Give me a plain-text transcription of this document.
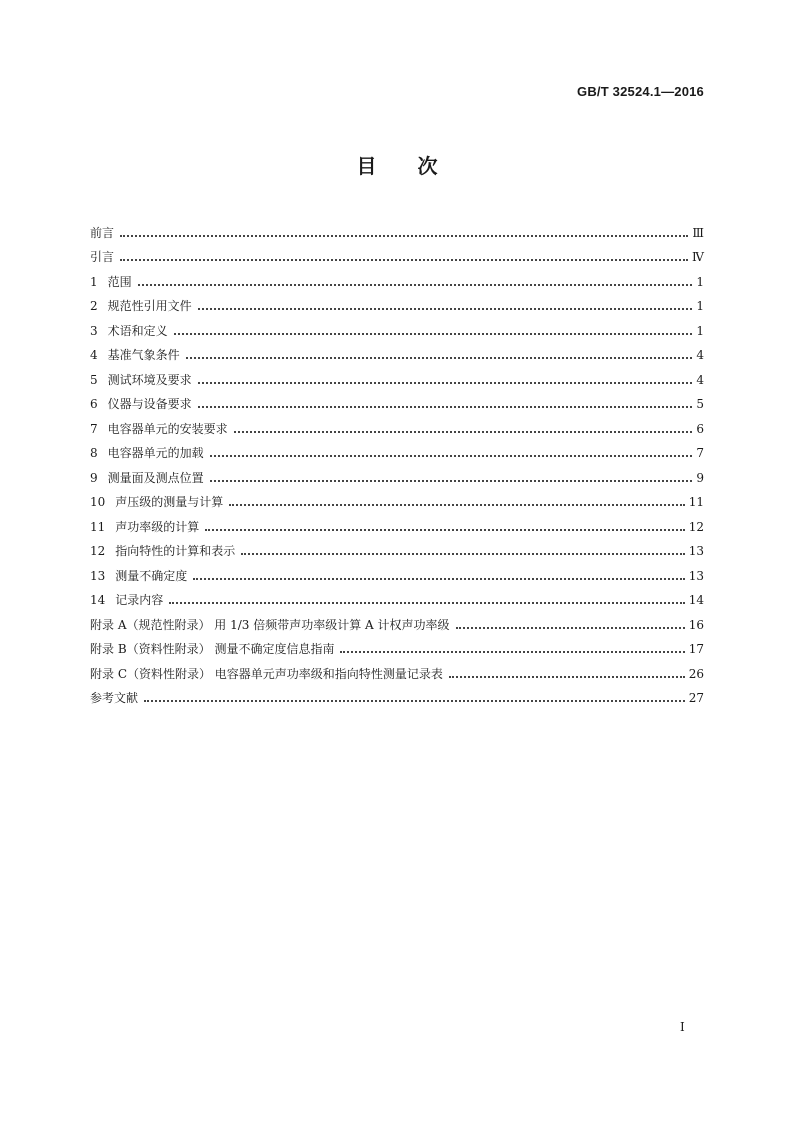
GB/T 32524.1—2016
目 次
前言	Ⅲ
引言	Ⅳ
1 范围	1
2 规范性引用文件	1
3 术语和定义	1
4 基准气象条件	4
5 测试环境及要求	4
6 仪器与设备要求	5
7 电容器单元的安装要求	6
8 电容器单元的加载	7
9 测量面及测点位置	9
10 声压级的测量与计算	11
11 声功率级的计算	12
12 指向特性的计算和表示	13
13 测量不确定度	13
14 记录内容	14
附录 A（规范性附录） 用 1/3 倍频带声功率级计算 A 计权声功率级	16
附录 B（资料性附录） 测量不确定度信息指南	17
附录 C（资料性附录） 电容器单元声功率级和指向特性测量记录表	26
参考文献	27
Ⅰ
